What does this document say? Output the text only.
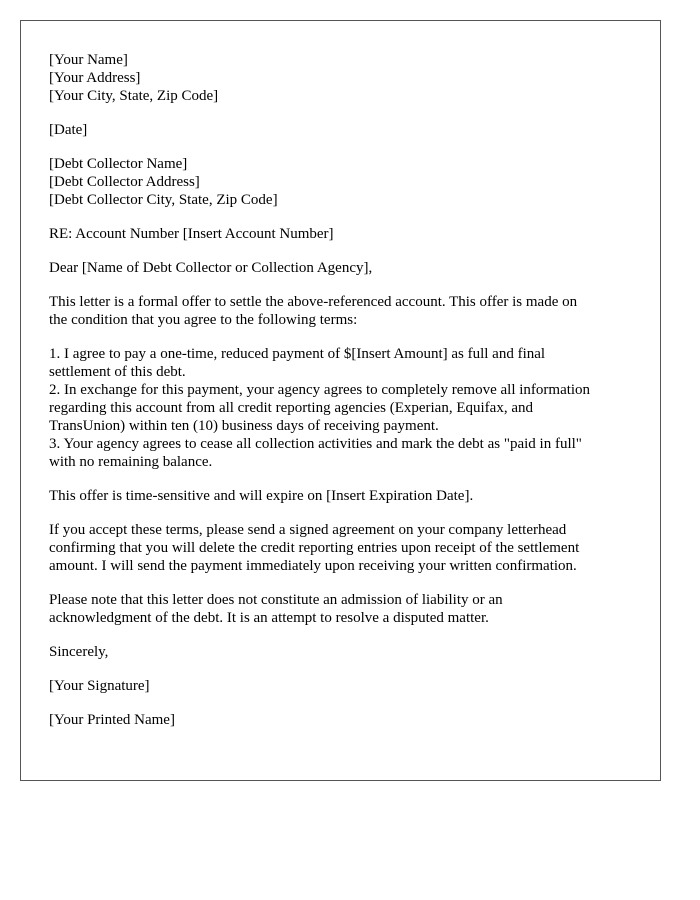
[Your Name]
[Your Address]
[Your City, State, Zip Code]
[Date]
[Debt Collector Name]
[Debt Collector Address]
[Debt Collector City, State, Zip Code]
RE: Account Number [Insert Account Number]
Dear [Name of Debt Collector or Collection Agency],
This letter is a formal offer to settle the above-referenced account. This offer is made on
the condition that you agree to the following terms:
1. I agree to pay a one-time, reduced payment of $[Insert Amount] as full and final
settlement of this debt.
2. In exchange for this payment, your agency agrees to completely remove all information
regarding this account from all credit reporting agencies (Experian, Equifax, and
TransUnion) within ten (10) business days of receiving payment.
3. Your agency agrees to cease all collection activities and mark the debt as "paid in full"
with no remaining balance.
This offer is time-sensitive and will expire on [Insert Expiration Date].
If you accept these terms, please send a signed agreement on your company letterhead
confirming that you will delete the credit reporting entries upon receipt of the settlement
amount. I will send the payment immediately upon receiving your written confirmation.
Please note that this letter does not constitute an admission of liability or an
acknowledgment of the debt. It is an attempt to resolve a disputed matter.
Sincerely,
[Your Signature]
[Your Printed Name]
